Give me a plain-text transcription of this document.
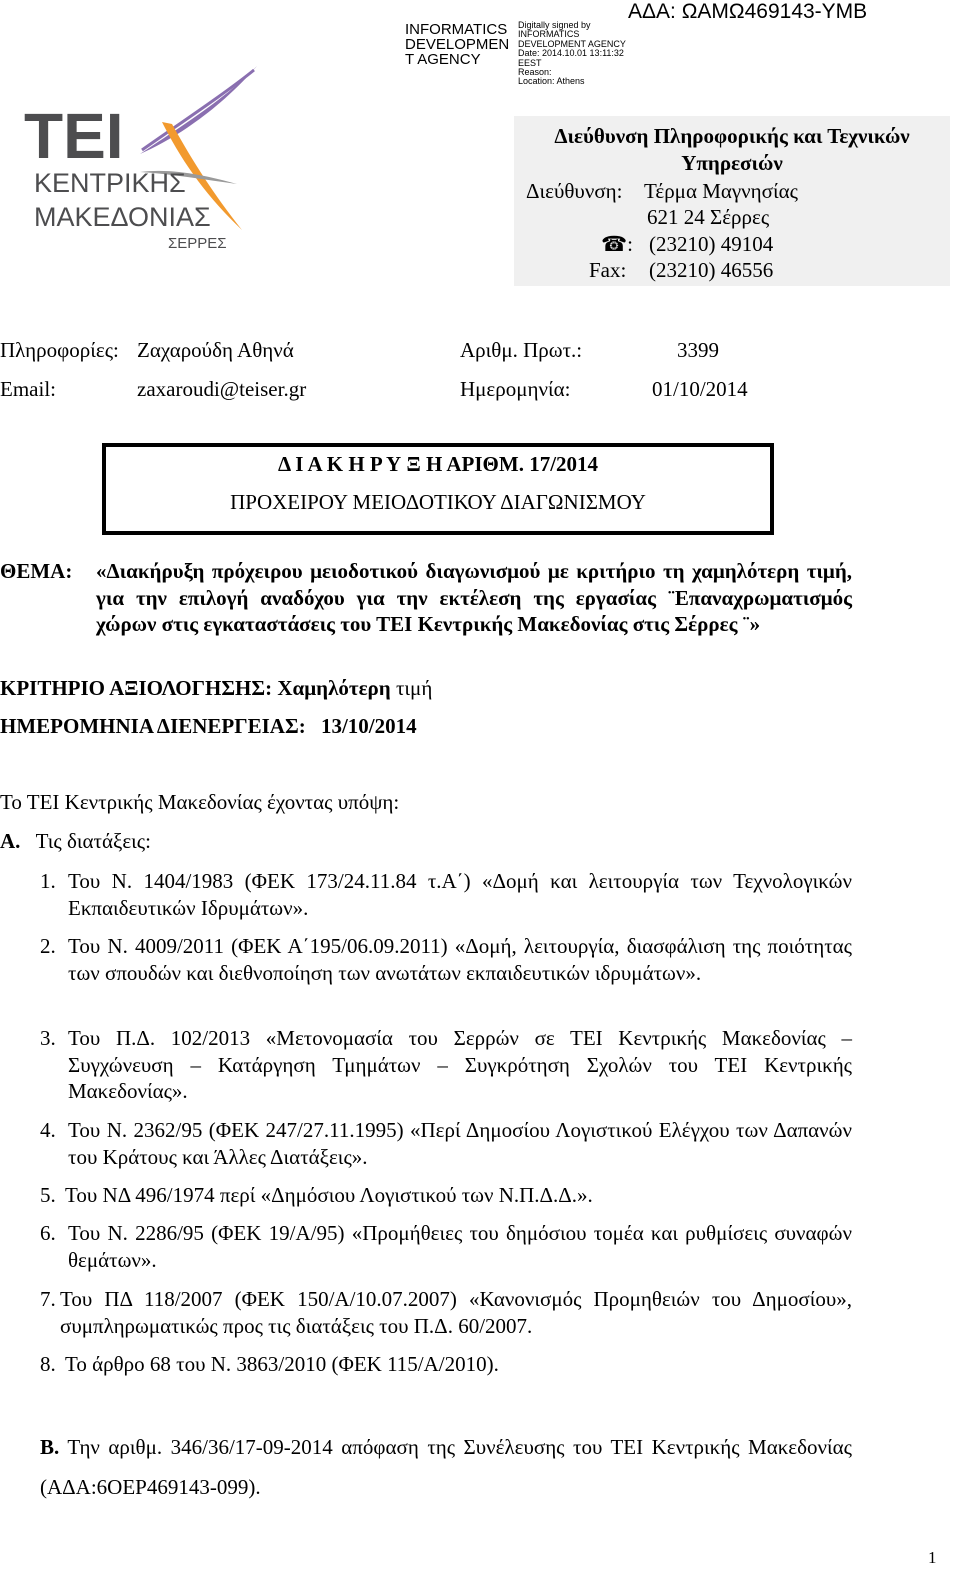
ΑΔΑ: ΩΑΜΩ469143-ΥΜΒ
INFORMATICS
DEVELOPMEN
T AGENCY
Digitally signed by
INFORMATICS
DEVELOPMENT AGENCY
Date: 2014.10.01 13:11:32
EEST
Reason:
Location: Athens
TEI
ΚΕΝΤΡΙΚΗΣ
ΜΑΚΕΔΟΝΙΑΣ
ΣΕΡΡΕΣ
Διεύθυνση Πληροφορικής και Τεχνικών Υπηρεσιών
Διεύθυνση: Τέρμα Μαγνησίας
621 24 Σέρρες
☎: (23210) 49104
Fax: (23210) 46556
Πληροφορίες: Ζαχαρούδη Αθηνά	Αριθμ. Πρωτ.:	3399
Email:	zaxaroudi@teiser.gr	Ημερομηνία:	01/10/2014
Δ Ι Α Κ Η Ρ Υ Ξ Η ΑΡΙΘΜ. 17/2014
ΠΡΟΧΕΙΡΟΥ ΜΕΙΟΔΟΤΙΚΟΥ ΔΙΑΓΩΝΙΣΜΟΥ
ΘΕΜΑ: «Διακήρυξη πρόχειρου μειοδοτικού διαγωνισμού με κριτήριο τη χαμηλότερη τιμή, για την επιλογή αναδόχου για την εκτέλεση της εργασίας ¨Επαναχρωματισμός χώρων στις εγκαταστάσεις του ΤΕΙ Κεντρικής Μακεδονίας στις Σέρρες ¨»
ΚΡΙΤΗΡΙΟ ΑΞΙΟΛΟΓΗΣΗΣ: Χαμηλότερη τιμή
ΗΜΕΡΟΜΗΝΙΑ ΔΙΕΝΕΡΓΕΙΑΣ: 13/10/2014
Το ΤΕΙ Κεντρικής Μακεδονίας έχοντας υπόψη:
Α. Τις διατάξεις:
1. Του Ν. 1404/1983 (ΦΕΚ 173/24.11.84 τ.Α΄) «Δομή και λειτουργία των Τεχνολογικών Εκπαιδευτικών Ιδρυμάτων».
2. Του Ν. 4009/2011 (ΦΕΚ Α΄195/06.09.2011) «Δομή, λειτουργία, διασφάλιση της ποιότητας των σπουδών και διεθνοποίηση των ανωτάτων εκπαιδευτικών ιδρυμάτων».
3. Του Π.Δ. 102/2013 «Μετονομασία του Σερρών σε ΤΕΙ Κεντρικής Μακεδονίας – Συγχώνευση – Κατάργηση Τμημάτων – Συγκρότηση Σχολών του ΤΕΙ Κεντρικής Μακεδονίας».
4. Του Ν. 2362/95 (ΦΕΚ 247/27.11.1995) «Περί Δημοσίου Λογιστικού Ελέγχου των Δαπανών του Κράτους και Άλλες Διατάξεις».
5. Του ΝΔ 496/1974 περί «Δημόσιου Λογιστικού των Ν.Π.Δ.Δ.».
6. Του Ν. 2286/95 (ΦΕΚ 19/Α/95) «Προμήθειες του δημόσιου τομέα και ρυθμίσεις συναφών θεμάτων».
7. Του ΠΔ 118/2007 (ΦΕΚ 150/Α/10.07.2007) «Κανονισμός Προμηθειών του Δημοσίου», συμπληρωματικώς προς τις διατάξεις του Π.Δ. 60/2007.
8. Το άρθρο 68 του Ν. 3863/2010 (ΦΕΚ 115/Α/2010).
Β. Την αριθμ. 346/36/17-09-2014 απόφαση της Συνέλευσης του ΤΕΙ Κεντρικής Μακεδονίας (ΑΔΑ:6ΟΕΡ469143-099).
1
